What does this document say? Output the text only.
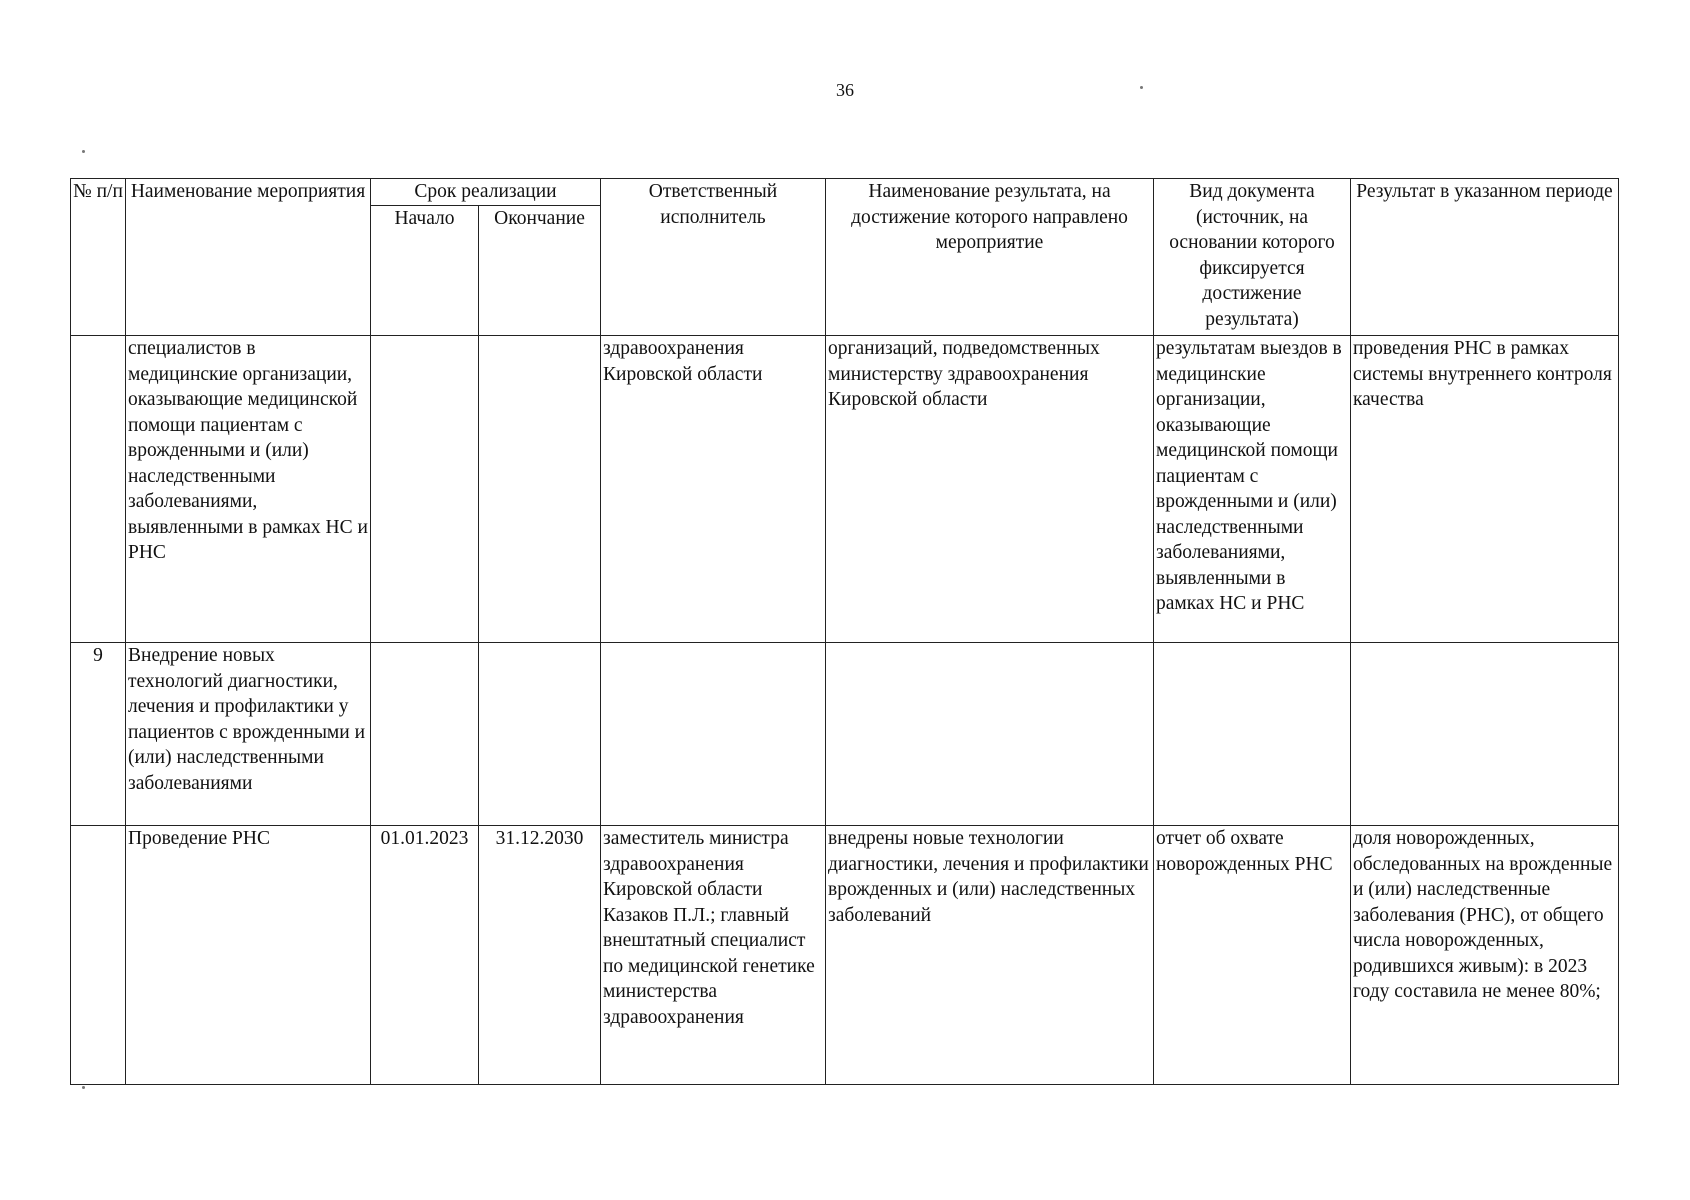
36
№ п/п	Наименование мероприятия	Срок реализации		Ответственный исполнитель	Наименование результата, на достижение которого направлено мероприятие	Вид документа (источник, на основании которого фиксируется достижение результата)	Результат в указанном периоде
		Начало	Окончание				
	специалистов в медицинские организации, оказывающие медицинской помощи пациентам с врожденными и (или) наследственными заболеваниями, выявленными в рамках НС и РНС			здравоохранения Кировской области	организаций, подведомственных министерству здравоохранения Кировской области	результатам выездов в медицинские организации, оказывающие медицинской помощи пациентам с врожденными и (или) наследственными заболеваниями, выявленными в рамках НС и РНС	проведения РНС в рамках системы внутреннего контроля качества
9	Внедрение новых технологий диагностики, лечения и профилактики у пациентов с врожденными и (или) наследственными заболеваниями						
	Проведение РНС	01.01.2023	31.12.2030	заместитель министра здравоохранения Кировской области Казаков П.Л.; главный внештатный специалист по медицинской генетике министерства здравоохранения	внедрены новые технологии диагностики, лечения и профилактики врожденных и (или) наследственных заболеваний	отчет об охвате новорожденных РНС	доля новорожденных, обследованных на врожденные и (или) наследственные заболевания (РНС), от общего числа новорожденных, родившихся живым): в 2023 году составила не менее 80%;
